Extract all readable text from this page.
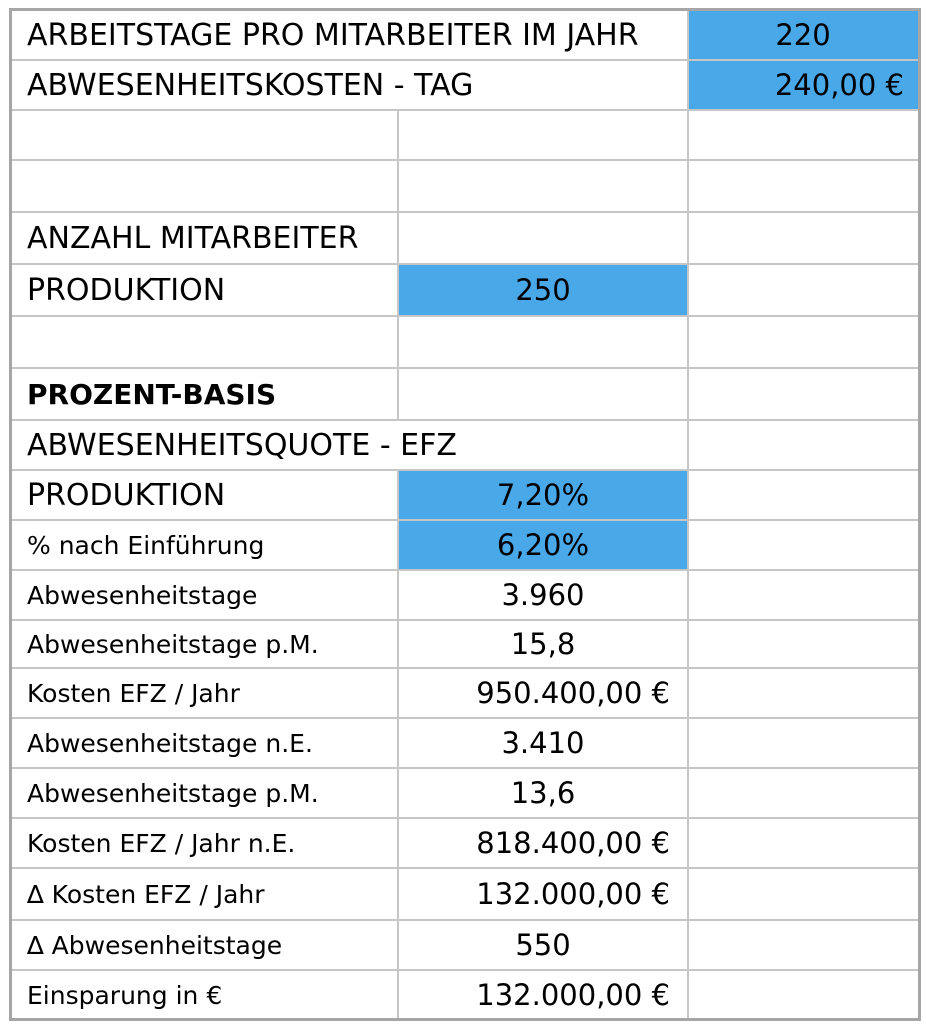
ARBEITSTAGE PRO MITARBEITER IM JAHR	220
ABWESENHEITSKOSTEN - TAG	240,00 €
ANZAHL MITARBEITER
PRODUKTION	250
PROZENT-BASIS
ABWESENHEITSQUOTE - EFZ
PRODUKTION	7,20%
% nach Einführung	6,20%
Abwesenheitstage	3.960
Abwesenheitstage p.M.	15,8
Kosten EFZ / Jahr	950.400,00 €
Abwesenheitstage n.E.	3.410
Abwesenheitstage p.M.	13,6
Kosten EFZ / Jahr n.E.	818.400,00 €
∆ Kosten EFZ / Jahr	132.000,00 €
∆ Abwesenheitstage	550
Einsparung in €	132.000,00 €
